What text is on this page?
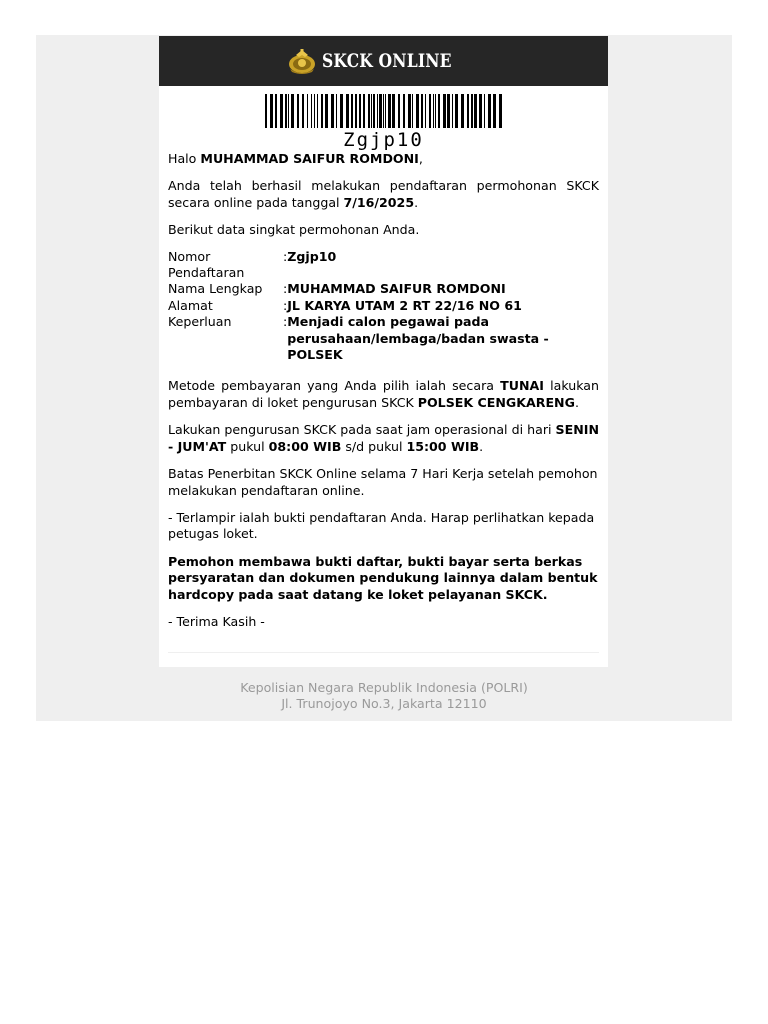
SKCK ONLINE
Zgjp10

Halo MUHAMMAD SAIFUR ROMDONI,

Anda telah berhasil melakukan pendaftaran permohonan SKCK secara online pada tanggal 7/16/2025.

Berikut data singkat permohonan Anda.

Nomor Pendaftaran	:	Zgjp10
Nama Lengkap	:	MUHAMMAD SAIFUR ROMDONI
Alamat	:	JL KARYA UTAM 2 RT 22/16 NO 61
Keperluan	:	Menjadi calon pegawai pada perusahaan/lembaga/badan swasta - POLSEK

Metode pembayaran yang Anda pilih ialah secara TUNAI lakukan pembayaran di loket pengurusan SKCK POLSEK CENGKARENG.

Lakukan pengurusan SKCK pada saat jam operasional di hari SENIN - JUM'AT pukul 08:00 WIB s/d pukul 15:00 WIB.

Batas Penerbitan SKCK Online selama 7 Hari Kerja setelah pemohon melakukan pendaftaran online.

- Terlampir ialah bukti pendaftaran Anda. Harap perlihatkan kepada petugas loket.

Pemohon membawa bukti daftar, bukti bayar serta berkas persyaratan dan dokumen pendukung lainnya dalam bentuk hardcopy pada saat datang ke loket pelayanan SKCK.

- Terima Kasih -

Kepolisian Negara Republik Indonesia (POLRI)
Jl. Trunojoyo No.3, Jakarta 12110
